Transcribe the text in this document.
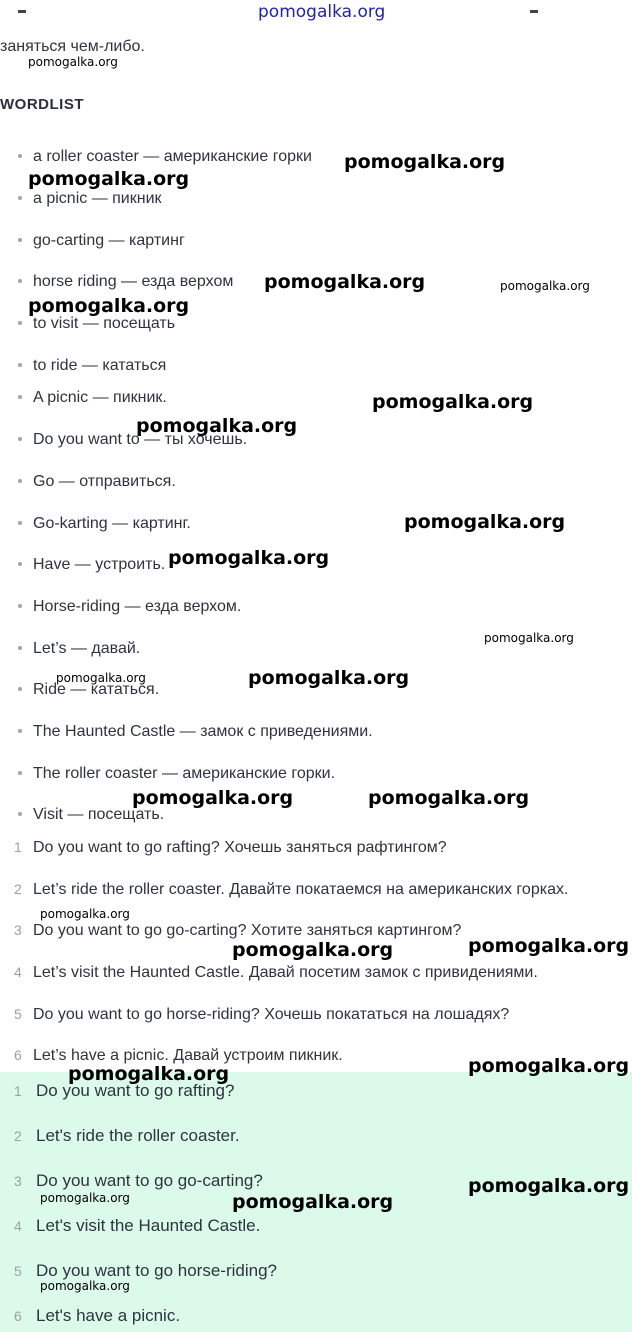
заняться чем-либо.
WORDLIST
a roller coaster — американские горки
a picnic — пикник
go-carting — картинг
horse riding — езда верхом
to visit — посещать
to ride — кататься
A picnic — пикник.
Do you want to — ты хочешь.
Go — отправиться.
Go-karting — картинг.
Have — устроить.
Horse-riding — езда верхом.
Let’s — давай.
Ride — кататься.
The Haunted Castle — замок с приведениями.
The roller coaster — американские горки.
Visit — посещать.
1 Do you want to go rafting? Хочешь заняться рафтингом?
2 Let’s ride the roller coaster. Давайте покатаемся на американских горках.
3 Do you want to go go-carting? Хотите заняться картингом?
4 Let’s visit the Haunted Castle. Давай посетим замок с привидениями.
5 Do you want to go horse-riding? Хочешь покататься на лошадях?
6 Let’s have a picnic. Давай устроим пикник.
1 Do you want to go rafting?
2 Let's ride the roller coaster.
3 Do you want to go go-carting?
4 Let's visit the Haunted Castle.
5 Do you want to go horse-riding?
6 Let's have a picnic.
pomogalka.org
pomogalka.org
pomogalka.org
pomogalka.org
pomogalka.org	pomogalka.org
pomogalka.org
pomogalka.org
pomogalka.org
pomogalka.org
pomogalka.org
pomogalka.org
pomogalka.org	pomogalka.org
pomogalka.org	pomogalka.org
pomogalka.org
pomogalka.org	pomogalka.org
pomogalka.org	pomogalka.org
pomogalka.org	pomogalka.org
pomogalka.org
pomogalka.org
